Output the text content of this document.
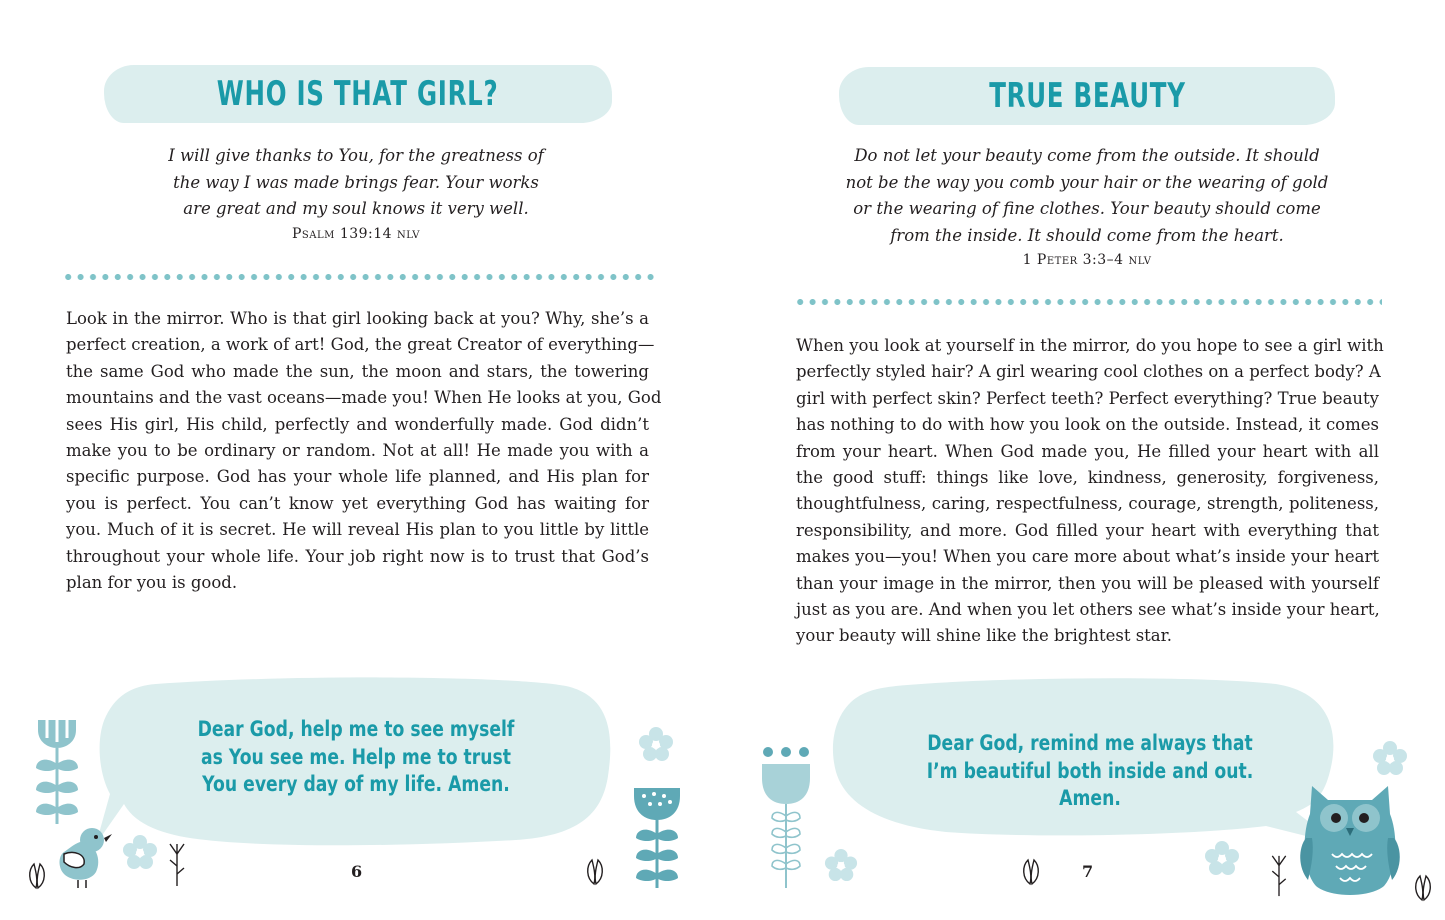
WHO IS THAT GIRL?
I will give thanks to You, for the greatness of
the way I was made brings fear. Your works
are great and my soul knows it very well.
Psalm 139:14 nlv
Look in the mirror. Who is that girl looking back at you? Why, she’s a
perfect creation, a work of art! God, the great Creator of everything—
the same God who made the sun, the moon and stars, the towering
mountains and the vast oceans—made you! When He looks at you, God
sees His girl, His child, perfectly and wonderfully made. God didn’t
make you to be ordinary or random. Not at all! He made you with a
specific purpose. God has your whole life planned, and His plan for
you is perfect. You can’t know yet everything God has waiting for
you. Much of it is secret. He will reveal His plan to you little by little
throughout your whole life. Your job right now is to trust that God’s
plan for you is good.
Dear God, help me to see myself
as You see me. Help me to trust
You every day of my life. Amen.
6
TRUE BEAUTY
Do not let your beauty come from the outside. It should
not be the way you comb your hair or the wearing of gold
or the wearing of fine clothes. Your beauty should come
from the inside. It should come from the heart.
1 Peter 3:3–4 nlv
When you look at yourself in the mirror, do you hope to see a girl with
perfectly styled hair? A girl wearing cool clothes on a perfect body? A
girl with perfect skin? Perfect teeth? Perfect everything? True beauty
has nothing to do with how you look on the outside. Instead, it comes
from your heart. When God made you, He filled your heart with all
the good stuff: things like love, kindness, generosity, forgiveness,
thoughtfulness, caring, respectfulness, courage, strength, politeness,
responsibility, and more. God filled your heart with everything that
makes you—you! When you care more about what’s inside your heart
than your image in the mirror, then you will be pleased with yourself
just as you are. And when you let others see what’s inside your heart,
your beauty will shine like the brightest star.
Dear God, remind me always that
I’m beautiful both inside and out. Amen.
7
